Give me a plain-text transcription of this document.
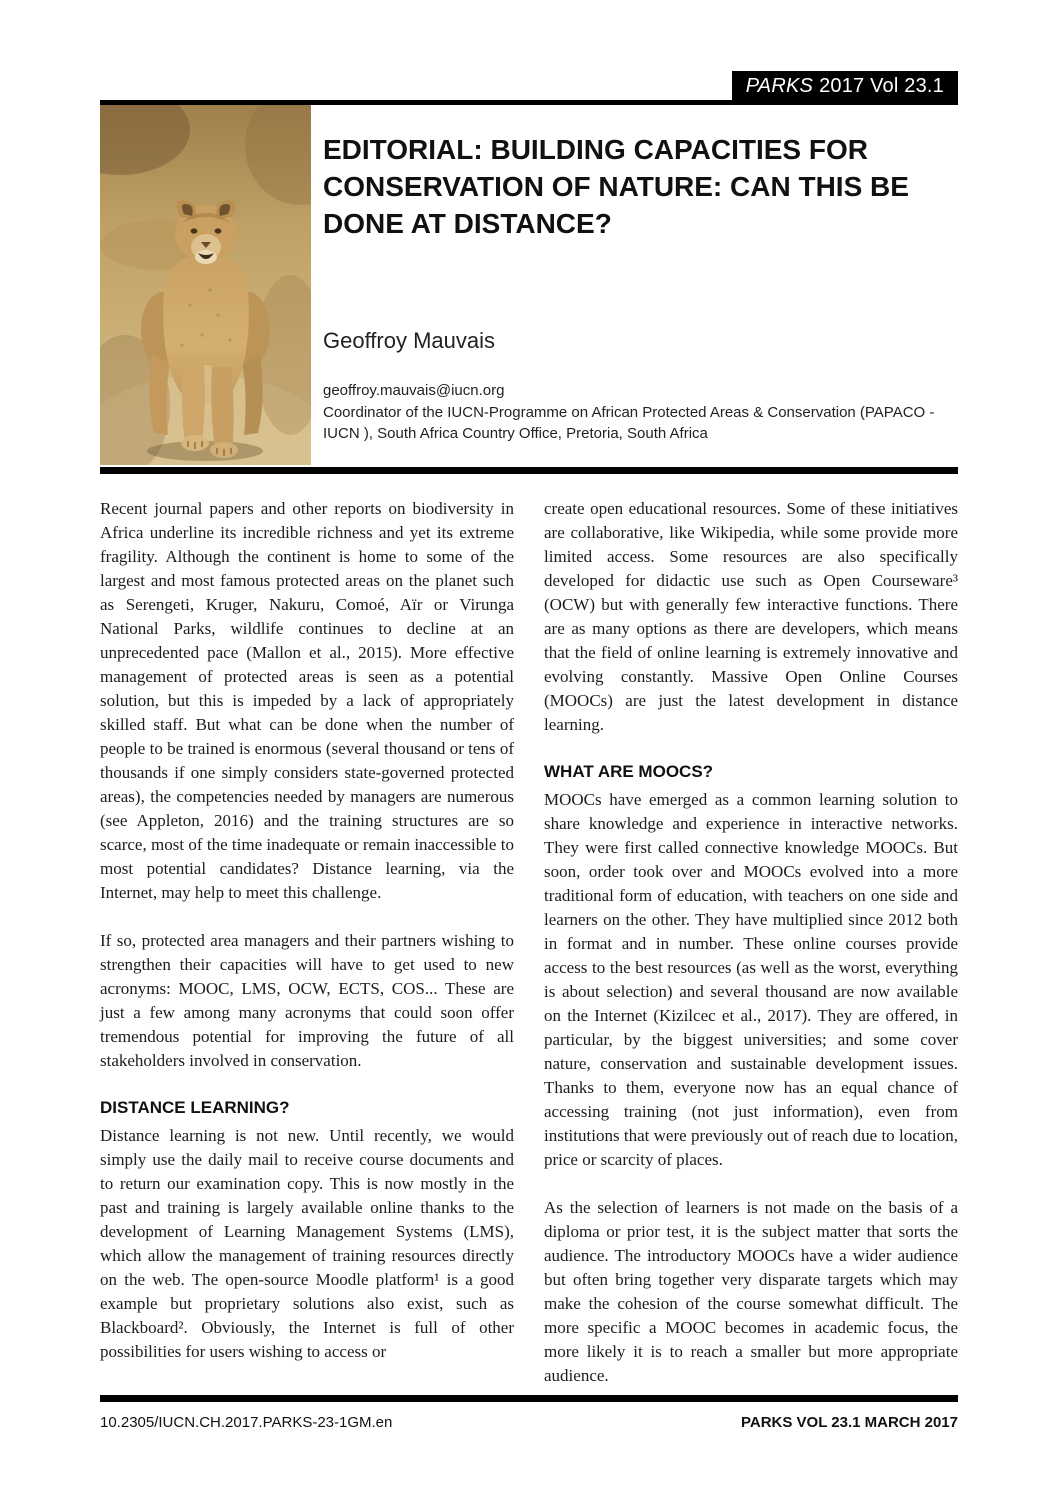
PARKS 2017 Vol 23.1
EDITORIAL: BUILDING CAPACITIES FOR
CONSERVATION OF NATURE: CAN THIS BE
DONE AT DISTANCE?
Geoffroy Mauvais
geoffroy.mauvais@iucn.org
Coordinator of the IUCN-Programme on African Protected Areas & Conservation (PAPACO -
IUCN ), South Africa Country Office, Pretoria, South Africa

Recent journal papers and other reports on biodiversity in Africa underline its incredible richness and yet its extreme fragility. Although the continent is home to some of the largest and most famous protected areas on the planet such as Serengeti, Kruger, Nakuru, Comoé, Aïr or Virunga National Parks, wildlife continues to decline at an unprecedented pace (Mallon et al., 2015). More effective management of protected areas is seen as a potential solution, but this is impeded by a lack of appropriately skilled staff. But what can be done when the number of people to be trained is enormous (several thousand or tens of thousands if one simply considers state-governed protected areas), the competencies needed by managers are numerous (see Appleton, 2016) and the training structures are so scarce, most of the time inadequate or remain inaccessible to most potential candidates? Distance learning, via the Internet, may help to meet this challenge.

If so, protected area managers and their partners wishing to strengthen their capacities will have to get used to new acronyms: MOOC, LMS, OCW, ECTS, COS... These are just a few among many acronyms that could soon offer tremendous potential for improving the future of all stakeholders involved in conservation.

DISTANCE LEARNING?

Distance learning is not new. Until recently, we would simply use the daily mail to receive course documents and to return our examination copy. This is now mostly in the past and training is largely available online thanks to the development of Learning Management Systems (LMS), which allow the management of training resources directly on the web. The open-source Moodle platform¹ is a good example but proprietary solutions also exist, such as Blackboard². Obviously, the Internet is full of other possibilities for users wishing to access or

create open educational resources. Some of these initiatives are collaborative, like Wikipedia, while some provide more limited access. Some resources are also specifically developed for didactic use such as Open Courseware³ (OCW) but with generally few interactive functions. There are as many options as there are developers, which means that the field of online learning is extremely innovative and evolving constantly. Massive Open Online Courses (MOOCs) are just the latest development in distance learning.

WHAT ARE MOOCS?

MOOCs have emerged as a common learning solution to share knowledge and experience in interactive networks. They were first called connective knowledge MOOCs. But soon, order took over and MOOCs evolved into a more traditional form of education, with teachers on one side and learners on the other. They have multiplied since 2012 both in format and in number. These online courses provide access to the best resources (as well as the worst, everything is about selection) and several thousand are now available on the Internet (Kizilcec et al., 2017). They are offered, in particular, by the biggest universities; and some cover nature, conservation and sustainable development issues. Thanks to them, everyone now has an equal chance of accessing training (not just information), even from institutions that were previously out of reach due to location, price or scarcity of places.

As the selection of learners is not made on the basis of a diploma or prior test, it is the subject matter that sorts the audience. The introductory MOOCs have a wider audience but often bring together very disparate targets which may make the cohesion of the course somewhat difficult. The more specific a MOOC becomes in academic focus, the more likely it is to reach a smaller but more appropriate audience.

10.2305/IUCN.CH.2017.PARKS-23-1GM.en	PARKS VOL 23.1 MARCH 2017
